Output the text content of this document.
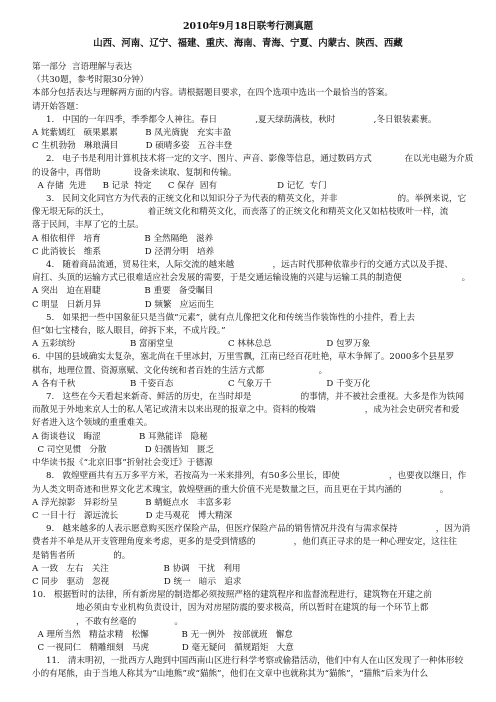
2010年9月18日联考行测真题
山西、河南、辽宁、福建、重庆、海南、青海、宁夏、内蒙古、陕西、西藏
第一部分  言语理解与表达
（共30题，参考时限30分钟）
本部分包括表达与理解两方面的内容。请根据题目要求，在四个选项中选出一个最恰当的答案。
请开始答题：
1.   中国的一年四季，季季都令人神往。春日              ,夏天绿荫满枝，秋时              ,冬日银装素裹。
A 姹紫嫣红   硕果累累          B 凤光旖旎   充实丰盈
C 生机勃勃   琳琅满目          D 硕晴多姿   五谷丰登
2.   电子书是利用计算机技术将一定的文字、图片、声音、影像等信息，通过数码方式            在以光电磁为介质
的设备中，再借助            设备来读取、复制和传输。
A 存储  先进      B 记录  特定      C 保存  固有                      D 记忆  专门
3.   民间文化同官方为代表的正统文化和以知识分子为代表的精英文化，并非                      的。举例来说，它
像无垠无际的沃土，              着正统文化和精英文化，而丧落了的正统文化和精英文化又如枯枝败叶一样，流
落于民间，丰厚了它的土层。
A 相依相伴   培育                B 全然隔绝   滋养
C 此消彼长   维系                D 泾渭分明   培养
4.   随着商品流通，贸易往来，人际交流的越来越              ，远古时代那种依靠步行的交通方式以及手提、
肩扛、头顶的运输方式已很难适应社会发展的需要，于是交通运输设施的兴建与运输工具的制造便                      。
A 突出   迫在眉睫                B 重要   备受瞩目
C 明显   日新月异                D 频繁   应运而生
5.   如果把一些中国象征只是当做“元素”，就有点儿像把文化和传统当作装饰性的小挂件，看上去
但“如七宝楼台，眩人眼目，碎拆下来，不成片段。”
A 五彩缤纷                    B 富丽堂皇                    C 林林总总                    D 包罗万象
6.  中国的县域确实太复杂，塞北尚在千里冰封，万里雪飘，江南已经百花吐艳，草木争辉了。2000多个县星罗
棋布，地理位置、资源禀赋、文化传统和者百姓的生活方式都                    。
A 各有千秋                    B 千姿百态                    C 气象万千                    D 千变万化
7.   这些在今天看起来新奇、鲜活的历史，在当时却是                  的事情，并不被社会重视。大多是作为铁闻
而散见于外地来京人士的私人笔记或清末以来出现的报章之中。资料的梭端                  ，成为社会史研究者和爱
好者进入这个领域的重重难关。
A 街谈巷议   晦涩              B 耳熟能详   隐秘
C 司空见惯   分散              D 妇孺皆知   匮乏
中华读书报《“北京旧事”折射社会变迁》于德源
8.   敦煌壁画共有五万多平方米，若按高为一米来排列，有50多公里长，即使                  ，也要夜以继日，作
为人类文明奇迹和世界文化艺术瑰宝，敦煌壁画的重大价值不光是数量之巨，而且更在于其内涵的              。
A 浮光掠影   异彩纷呈          B 蜻蜓点水   丰富多彩
C 一目十行   源远流长          D 走马观花   博大精深
9.   越来越多的人表示愿意购买医疗保险产品，但医疗保险产品的销售情况并没有与需求保持              ，因为消
费者并不单是从开支管理角度来考虑，更多的是受到情感的              ，他们真正寻求的是一种心理安定，这往往
是销售者所              的。
A 一致   左右   关注                    B 协调   干扰   利用
C 同步   驱动   忽视                    D 统一   暗示   追求
10.   根据暂时的法律，所有新房屋的制造都必须按照严格的建筑程序和监督流程进行，建筑物在开建之前
地必须由专业机构负责设计，因为对房屋防震的要求极高，所以暂时在建筑的每一个环节上都
，不敢有丝毫的              。
A 理所当然   精益求精   松懈            B 无一例外   按部就班   懈怠
C 一视同仁   精雕细刻   马虎            D 毫无疑问   循规蹈矩   大意
11.   清末明初，一批西方人跑到中国西南山区进行科学考察或偷猎活动，他们中有人在山区发现了一种体形较
小的有尾熊，由于当地人称其为“山地熊”或“猫熊”，他们在文章中也就称其为“猫熊”，“猫熊”后来为什么
